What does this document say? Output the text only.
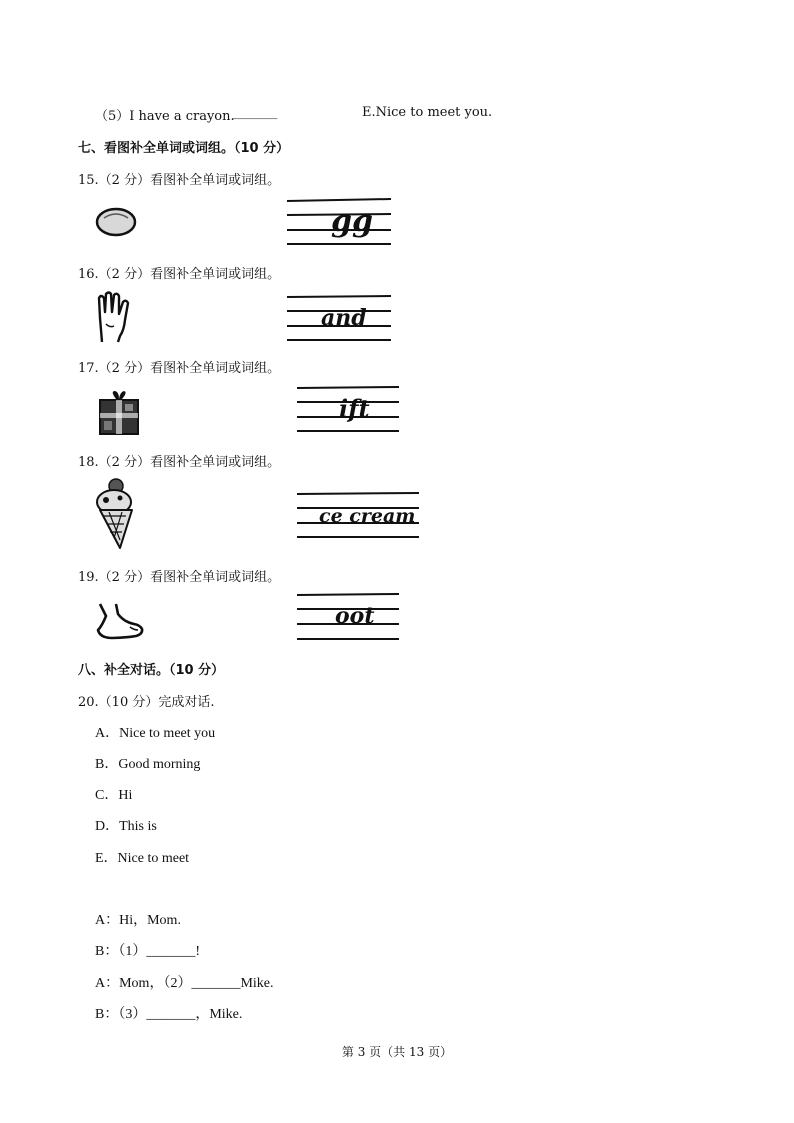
（5）I have a crayon.
_______	E.Nice to meet you.
七、看图补全单词或词组。（10 分）
15.（2 分）看图补全单词或词组。
gg
16.（2 分）看图补全单词或词组。
and
17.（2 分）看图补全单词或词组。
ift
18.（2 分）看图补全单词或词组。
ce cream
19.（2 分）看图补全单词或词组。
oot
八、补全对话。（10 分）
20.（10 分）完成对话.
A．Nice to meet you
B．Good morning
C．Hi
D．This is
E．Nice to meet
A：Hi，Mom.
B：（1）_______!
A：Mom，（2）_______Mike.
B：（3）_______，Mike.
第 3 页（共 13 页）
